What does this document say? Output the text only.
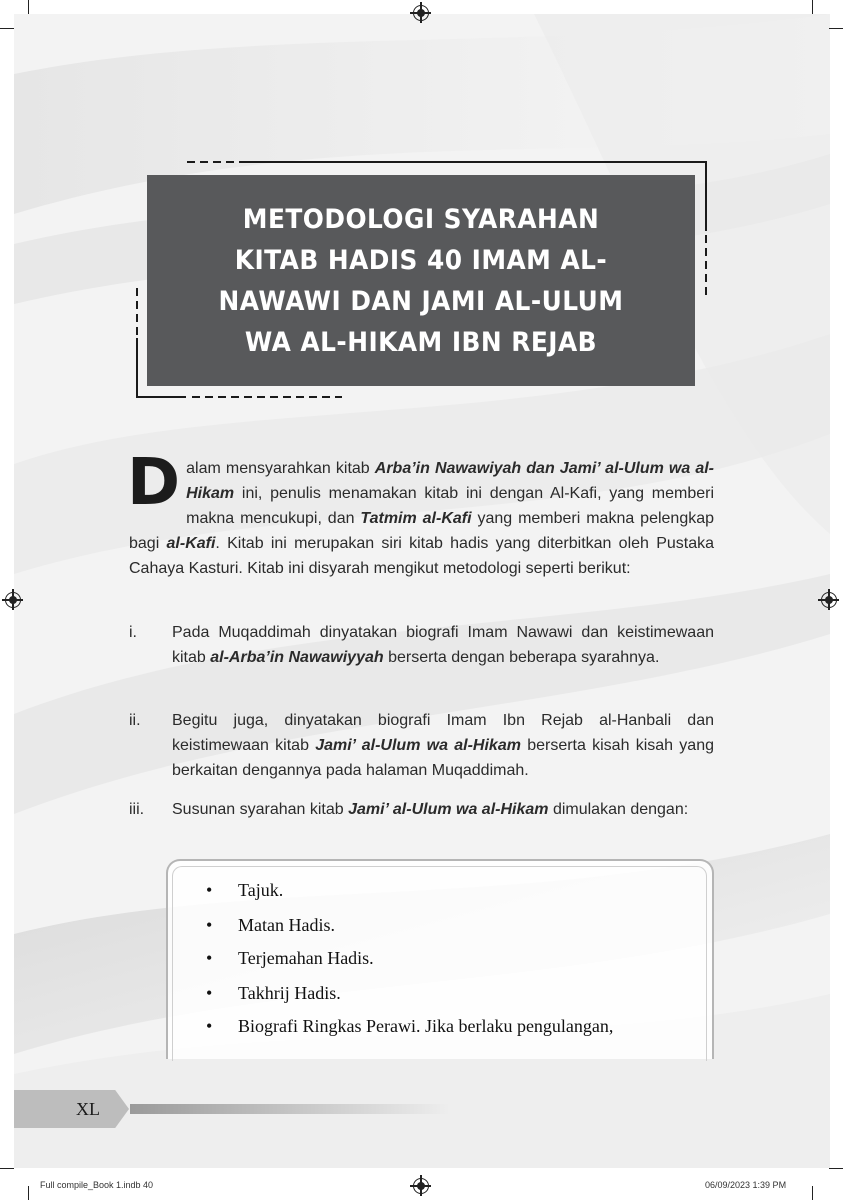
METODOLOGI SYARAHAN KITAB HADIS 40 IMAM AL-NAWAWI DAN JAMI AL-ULUM WA AL-HIKAM IBN REJAB
Dalam mensyarahkan kitab Arba’in Nawawiyah dan Jami’ al-Ulum wa al-Hikam ini, penulis menamakan kitab ini dengan Al-Kafi, yang memberi makna mencukupi, dan Tatmim al-Kafi yang memberi makna pelengkap bagi al-Kafi. Kitab ini merupakan siri kitab hadis yang diterbitkan oleh Pustaka Cahaya Kasturi. Kitab ini disyarah mengikut metodologi seperti berikut:
i. Pada Muqaddimah dinyatakan biografi Imam Nawawi dan keistimewaan kitab al-Arba’in Nawawiyyah berserta dengan beberapa syarahnya.
ii. Begitu juga, dinyatakan biografi Imam Ibn Rejab al-Hanbali dan keistimewaan kitab Jami’ al-Ulum wa al-Hikam berserta kisah kisah yang berkaitan dengannya pada halaman Muqaddimah.
iii. Susunan syarahan kitab Jami’ al-Ulum wa al-Hikam dimulakan dengan:
• Tajuk.
• Matan Hadis.
• Terjemahan Hadis.
• Takhrij Hadis.
• Biografi Ringkas Perawi. Jika berlaku pengulangan,
XL
Full compile_Book 1.indb 40	06/09/2023 1:39 PM
